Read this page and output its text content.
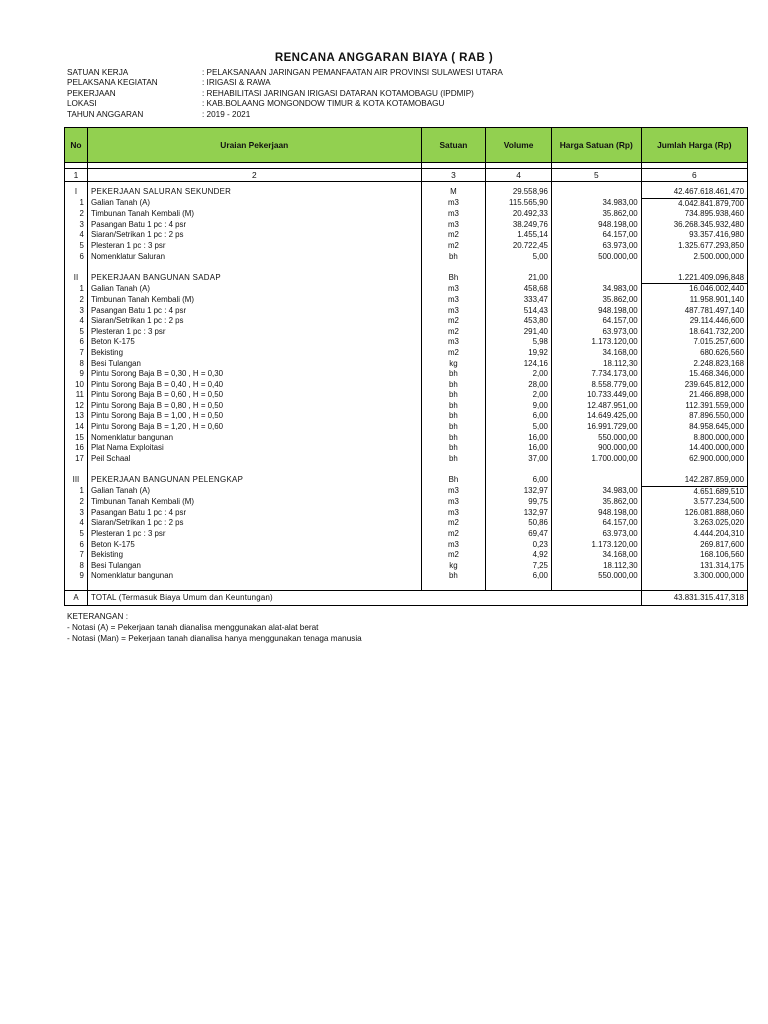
RENCANA ANGGARAN BIAYA ( RAB )
SATUAN KERJA	: PELAKSANAAN JARINGAN PEMANFAATAN AIR PROVINSI SULAWESI UTARA
PELAKSANA KEGIATAN	: IRIGASI & RAWA
PEKERJAAN	: REHABILITASI JARINGAN IRIGASI DATARAN KOTAMOBAGU (IPDMIP)
LOKASI	: KAB.BOLAANG MONGONDOW TIMUR & KOTA KOTAMOBAGU
TAHUN ANGGARAN	: 2019 - 2021
No	Uraian Pekerjaan	Satuan	Volume	Harga Satuan (Rp)	Jumlah Harga (Rp)

1	2	3	4	5	6

I	PEKERJAAN SALURAN SEKUNDER	M	29.558,96		42.467.618.461,470
1	Galian Tanah (A)	m3	115.565,90	34.983,00	4.042.841.879,700
2	Timbunan Tanah Kembali (M)	m3	20.492,33	35.862,00	734.895.938,460
3	Pasangan Batu 1 pc : 4 psr	m3	38.249,76	948.198,00	36.268.345.932,480
4	Siaran/Setrikan 1 pc : 2 ps	m2	1.455,14	64.157,00	93.357.416,980
5	Plesteran 1 pc : 3 psr	m2	20.722,45	63.973,00	1.325.677.293,850
6	Nomenklatur Saluran	bh	5,00	500.000,00	2.500.000,000

II	PEKERJAAN BANGUNAN SADAP	Bh	21,00		1.221.409.096,848
1	Galian Tanah (A)	m3	458,68	34.983,00	16.046.002,440
2	Timbunan Tanah Kembali (M)	m3	333,47	35.862,00	11.958.901,140
3	Pasangan Batu 1 pc : 4 psr	m3	514,43	948.198,00	487.781.497,140
4	Siaran/Setrikan 1 pc : 2 ps	m2	453,80	64.157,00	29.114.446,600
5	Plesteran 1 pc : 3 psr	m2	291,40	63.973,00	18.641.732,200
6	Beton K-175	m3	5,98	1.173.120,00	7.015.257,600
7	Bekisting	m2	19,92	34.168,00	680.626,560
8	Besi Tulangan	kg	124,16	18.112,30	2.248.823,168
9	Pintu Sorong Baja B = 0,30 , H = 0,30	bh	2,00	7.734.173,00	15.468.346,000
10	Pintu Sorong Baja B = 0,40 , H = 0,40	bh	28,00	8.558.779,00	239.645.812,000
11	Pintu Sorong Baja B = 0,60 , H = 0,50	bh	2,00	10.733.449,00	21.466.898,000
12	Pintu Sorong Baja B = 0,80 , H = 0,50	bh	9,00	12.487.951,00	112.391.559,000
13	Pintu Sorong Baja B = 1,00 , H = 0,50	bh	6,00	14.649.425,00	87.896.550,000
14	Pintu Sorong Baja B = 1,20 , H = 0,60	bh	5,00	16.991.729,00	84.958.645,000
15	Nomenklatur bangunan	bh	16,00	550.000,00	8.800.000,000
16	Plat Nama Exploitasi	bh	16,00	900.000,00	14.400.000,000
17	Peil Schaal	bh	37,00	1.700.000,00	62.900.000,000

III	PEKERJAAN BANGUNAN PELENGKAP	Bh	6,00		142.287.859,000
1	Galian Tanah (A)	m3	132,97	34.983,00	4.651.689,510
2	Timbunan Tanah Kembali (M)	m3	99,75	35.862,00	3.577.234,500
3	Pasangan Batu 1 pc : 4 psr	m3	132,97	948.198,00	126.081.888,060
4	Siaran/Setrikan 1 pc : 2 ps	m2	50,86	64.157,00	3.263.025,020
5	Plesteran 1 pc : 3 psr	m2	69,47	63.973,00	4.444.204,310
6	Beton K-175	m3	0,23	1.173.120,00	269.817,600
7	Bekisting	m2	4,92	34.168,00	168.106,560
8	Besi Tulangan	kg	7,25	18.112,30	131.314,175
9	Nomenklatur bangunan	bh	6,00	550.000,00	3.300.000,000

A	TOTAL (Termasuk Biaya Umum dan Keuntungan)				43.831.315.417,318
KETERANGAN :
- Notasi (A) = Pekerjaan tanah dianalisa menggunakan alat-alat berat
- Notasi (Man) = Pekerjaan tanah dianalisa hanya menggunakan tenaga manusia
